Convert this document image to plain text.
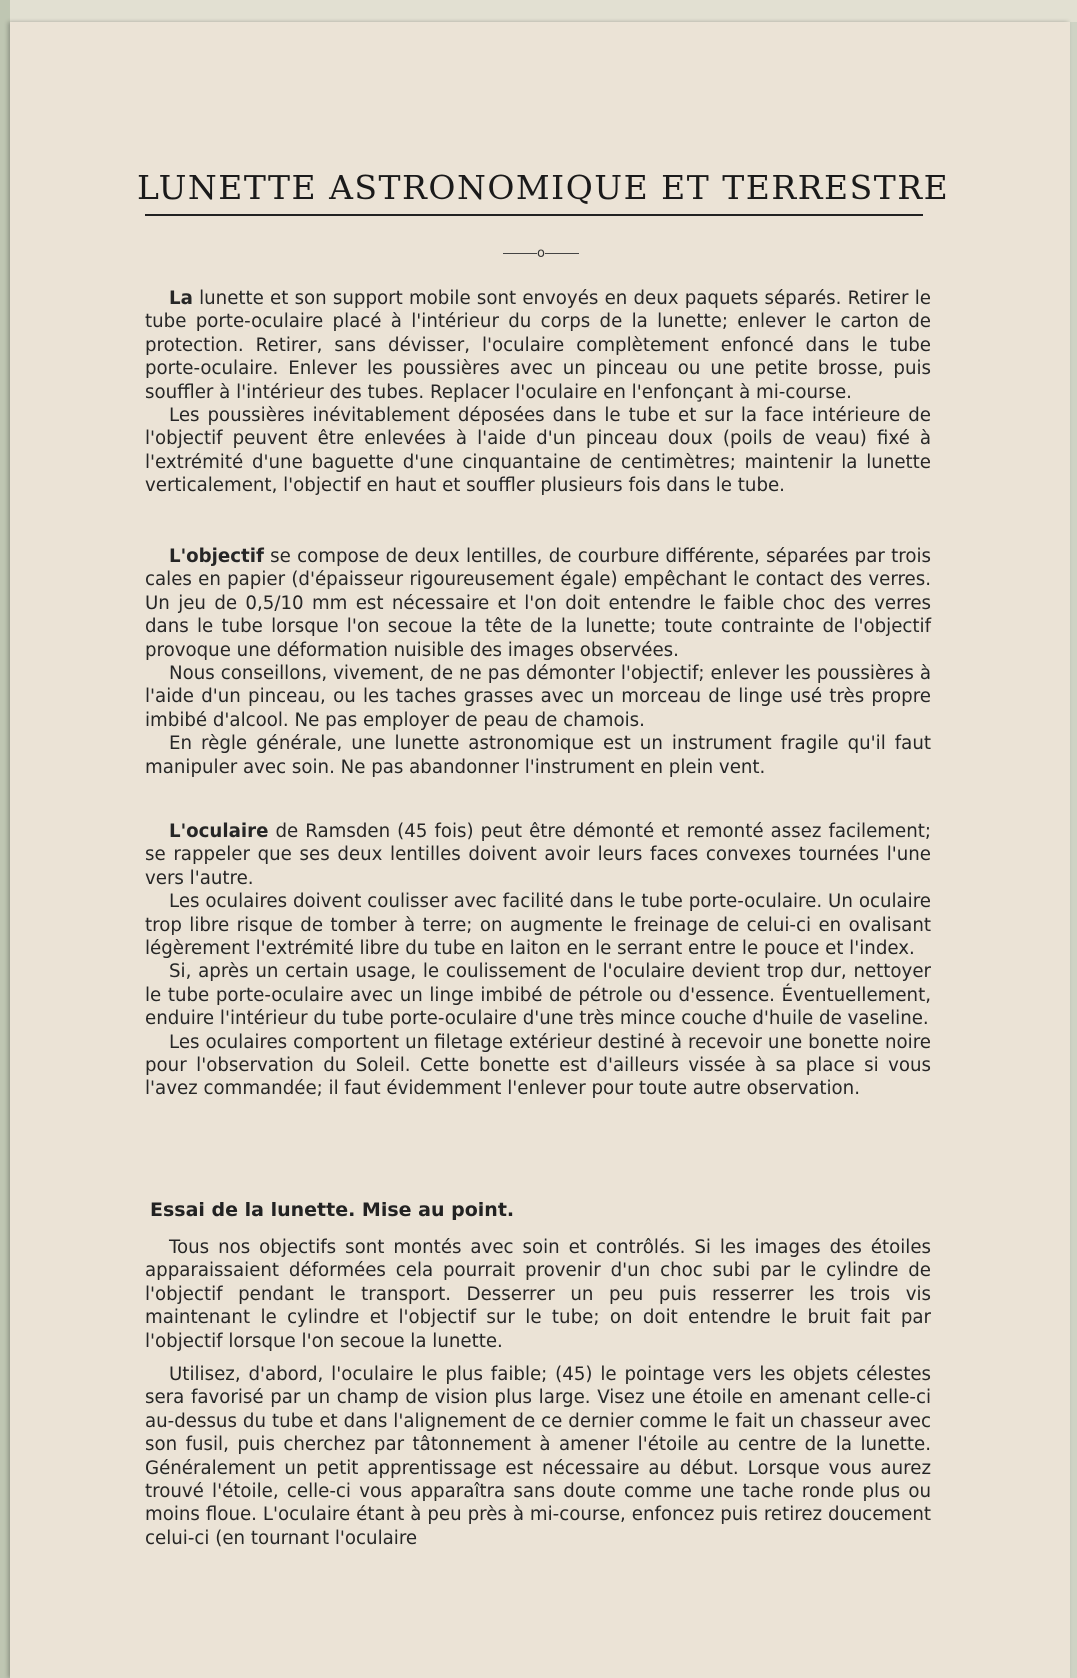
LUNETTE ASTRONOMIQUE ET TERRESTRE
o

La lunette et son support mobile sont envoyés en deux paquets séparés. Retirer le tube porte-oculaire placé à l'intérieur du corps de la lunette; enlever le carton de protection. Retirer, sans dévisser, l'oculaire complètement enfoncé dans le tube porte-oculaire. Enlever les poussières avec un pinceau ou une petite brosse, puis souffler à l'intérieur des tubes. Replacer l'oculaire en l'enfonçant à mi-course.

Les poussières inévitablement déposées dans le tube et sur la face intérieure de l'objectif peuvent être enlevées à l'aide d'un pinceau doux (poils de veau) fixé à l'extrémité d'une baguette d'une cinquantaine de centimètres; maintenir la lunette verticalement, l'objectif en haut et souffler plusieurs fois dans le tube.

L'objectif se compose de deux lentilles, de courbure différente, séparées par trois cales en papier (d'épaisseur rigoureusement égale) empêchant le contact des verres. Un jeu de 0,5/10 mm est nécessaire et l'on doit entendre le faible choc des verres dans le tube lorsque l'on secoue la tête de la lunette; toute contrainte de l'objectif provoque une déformation nuisible des images observées.

Nous conseillons, vivement, de ne pas démonter l'objectif; enlever les poussières à l'aide d'un pinceau, ou les taches grasses avec un morceau de linge usé très propre imbibé d'alcool. Ne pas employer de peau de chamois.

En règle générale, une lunette astronomique est un instrument fragile qu'il faut manipuler avec soin. Ne pas abandonner l'instrument en plein vent.

L'oculaire de Ramsden (45 fois) peut être démonté et remonté assez facilement; se rappeler que ses deux lentilles doivent avoir leurs faces convexes tournées l'une vers l'autre.

Les oculaires doivent coulisser avec facilité dans le tube porte-oculaire. Un oculaire trop libre risque de tomber à terre; on augmente le freinage de celui-ci en ovalisant légèrement l'extrémité libre du tube en laiton en le serrant entre le pouce et l'index.

Si, après un certain usage, le coulissement de l'oculaire devient trop dur, nettoyer le tube porte-oculaire avec un linge imbibé de pétrole ou d'essence. Éventuellement, enduire l'intérieur du tube porte-oculaire d'une très mince couche d'huile de vaseline.

Les oculaires comportent un filetage extérieur destiné à recevoir une bonette noire pour l'observation du Soleil. Cette bonette est d'ailleurs vissée à sa place si vous l'avez commandée; il faut évidemment l'enlever pour toute autre observation.

Essai de la lunette. Mise au point.

Tous nos objectifs sont montés avec soin et contrôlés. Si les images des étoiles apparaissaient déformées cela pourrait provenir d'un choc subi par le cylindre de l'objectif pendant le transport. Desserrer un peu puis resserrer les trois vis maintenant le cylindre et l'objectif sur le tube; on doit entendre le bruit fait par l'objectif lorsque l'on secoue la lunette.

Utilisez, d'abord, l'oculaire le plus faible; (45) le pointage vers les objets célestes sera favorisé par un champ de vision plus large. Visez une étoile en amenant celle-ci au-dessus du tube et dans l'alignement de ce dernier comme le fait un chasseur avec son fusil, puis cherchez par tâtonnement à amener l'étoile au centre de la lunette. Généralement un petit apprentissage est nécessaire au début. Lorsque vous aurez trouvé l'étoile, celle-ci vous apparaîtra sans doute comme une tache ronde plus ou moins floue. L'oculaire étant à peu près à mi-course, enfoncez puis retirez doucement celui-ci (en tournant l'oculaire
